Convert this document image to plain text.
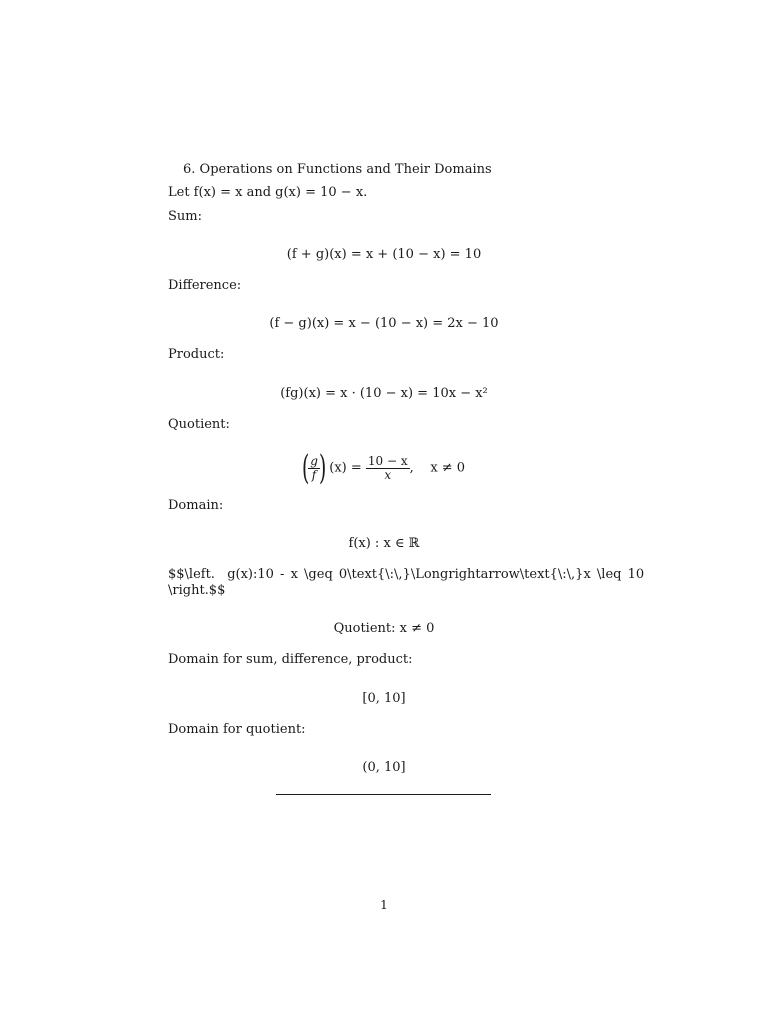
6. Operations on Functions and Their Domains
Let f(x) = x and g(x) = 10 − x.
Sum:
(f + g)(x) = x + (10 − x) = 10
Difference:
(f − g)(x) = x − (10 − x) = 2x − 10
Product:
(fg)(x) = x · (10 − x) = 10x − x²
Quotient:
(
$\frac{g}{f}$
) $(x) = \frac{10 - x}{x}$ ,    x ≠ 0
Domain:
f(x) : x ∈ ℝ
$$\left.  g(x):10 - x \geq 0\text{\:\,}\Longrightarrow\text{\:\,}x \leq 10
\right.$$
Quotient: x ≠ 0
Domain for sum, difference, product:
[0, 10]
Domain for quotient:
(0, 10]
1
